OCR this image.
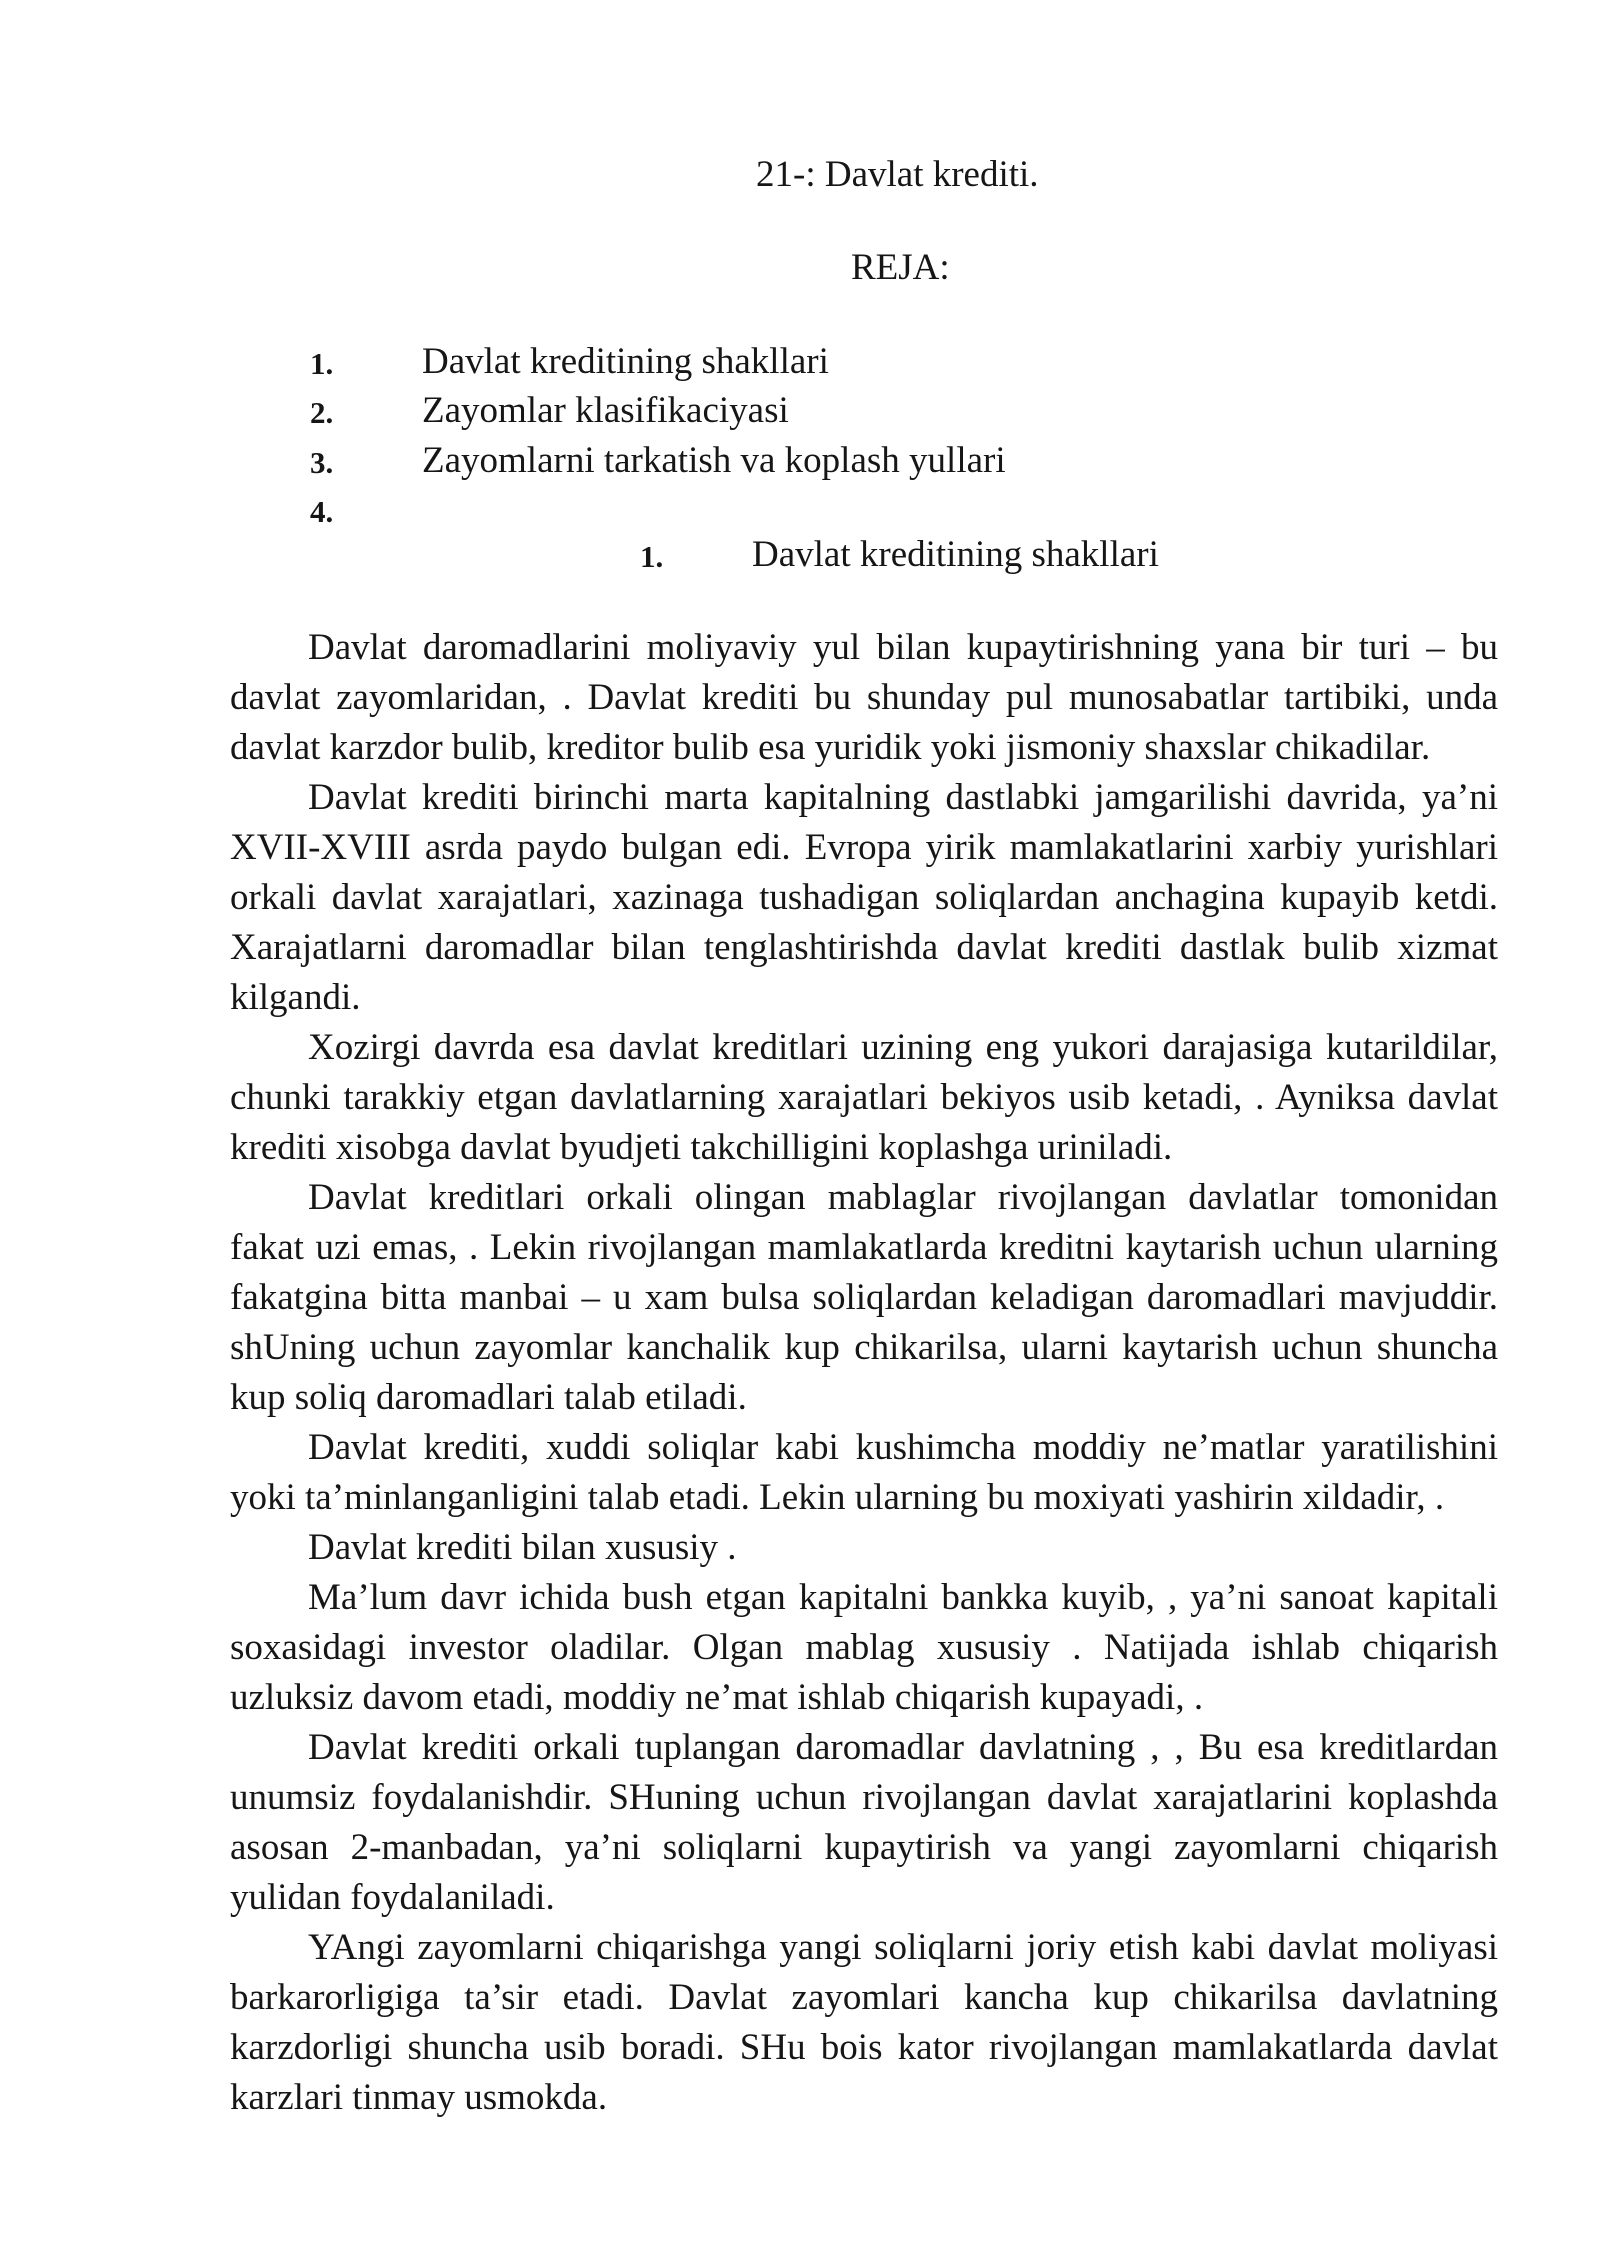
21-: Davlat krediti.
REJA:
1. Davlat kreditining shakllari
2. Zayomlar klasifikaciyasi
3. Zayomlarni tarkatish va koplash yullari
4.
1. Davlat kreditining shakllari
Davlat daromadlarini moliyaviy yul bilan kupaytirishning yana bir turi – bu
davlat zayomlaridan, . Davlat krediti bu shunday pul munosabatlar tartibiki, unda
davlat karzdor bulib, kreditor bulib esa yuridik yoki jismoniy shaxslar chikadilar.
Davlat krediti birinchi marta kapitalning dastlabki jamgarilishi davrida, ya’ni
XVII-XVIII asrda paydo bulgan edi. Evropa yirik mamlakatlarini xarbiy yurishlari
orkali davlat xarajatlari, xazinaga tushadigan soliqlardan anchagina kupayib ketdi.
Xarajatlarni daromadlar bilan tenglashtirishda davlat krediti dastlak bulib xizmat
kilgandi.
Xozirgi davrda esa davlat kreditlari uzining eng yukori darajasiga kutarildilar,
chunki tarakkiy etgan davlatlarning xarajatlari bekiyos usib ketadi, . Ayniksa davlat
krediti xisobga davlat byudjeti takchilligini koplashga uriniladi.
Davlat kreditlari orkali olingan mablaglar rivojlangan davlatlar tomonidan
fakat uzi emas, . Lekin rivojlangan mamlakatlarda kreditni kaytarish uchun ularning
fakatgina bitta manbai – u xam bulsa soliqlardan keladigan daromadlari mavjuddir.
shUning uchun zayomlar kanchalik kup chikarilsa, ularni kaytarish uchun shuncha
kup soliq daromadlari talab etiladi.
Davlat krediti, xuddi soliqlar kabi kushimcha moddiy ne’matlar yaratilishini
yoki ta’minlanganligini talab etadi. Lekin ularning bu moxiyati yashirin xildadir, .
Davlat krediti bilan xususiy .
Ma’lum davr ichida bush etgan kapitalni bankka kuyib, , ya’ni sanoat kapitali
soxasidagi investor oladilar. Olgan mablag xususiy . Natijada ishlab chiqarish
uzluksiz davom etadi, moddiy ne’mat ishlab chiqarish kupayadi, .
Davlat krediti orkali tuplangan daromadlar davlatning , , Bu esa kreditlardan
unumsiz foydalanishdir. SHuning uchun rivojlangan davlat xarajatlarini koplashda
asosan 2-manbadan, ya’ni soliqlarni kupaytirish va yangi zayomlarni chiqarish
yulidan foydalaniladi.
YAngi zayomlarni chiqarishga yangi soliqlarni joriy etish kabi davlat moliyasi
barkarorligiga ta’sir etadi. Davlat zayomlari kancha kup chikarilsa davlatning
karzdorligi shuncha usib boradi. SHu bois kator rivojlangan mamlakatlarda davlat
karzlari tinmay usmokda.
